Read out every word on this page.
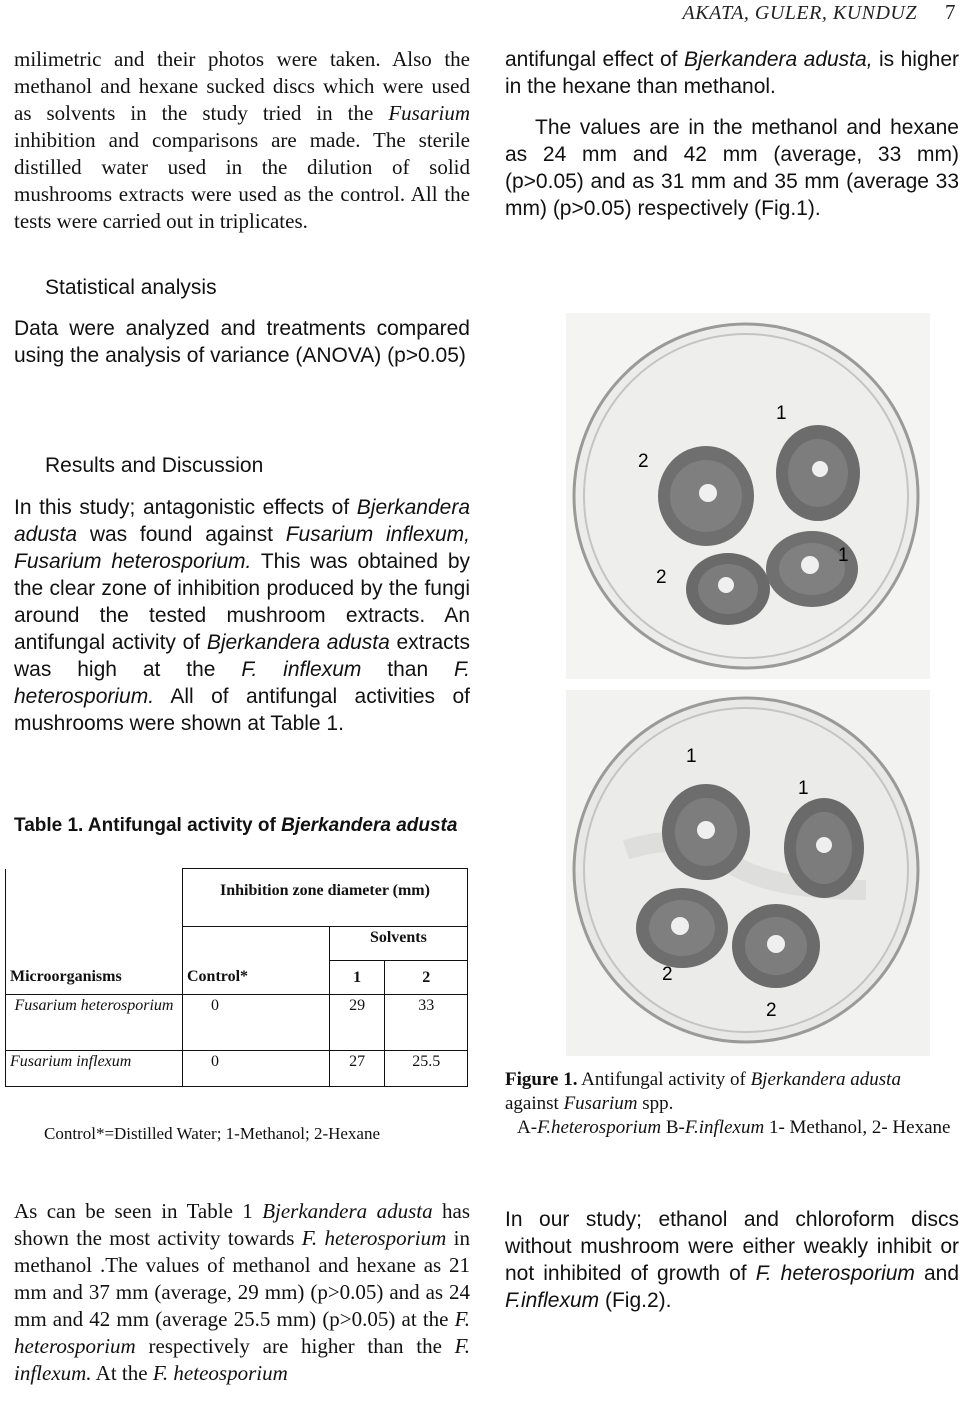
AKATA, GULER, KUNDUZ 7

milimetric and their photos were taken. Also the methanol and hexane sucked discs which were used as solvents in the study tried in the Fusarium inhibition and comparisons are made. The sterile distilled water used in the dilution of solid mushrooms extracts were used as the control. All the tests were carried out in triplicates.

Statistical analysis

Data were analyzed and treatments compared using the analysis of variance (ANOVA) (p>0.05)

Results and Discussion

In this study; antagonistic effects of Bjerkandera adusta was found against Fusarium inflexum, Fusarium heterosporium. This was obtained by the clear zone of inhibition produced by the fungi around the tested mushroom extracts. An antifungal activity of Bjerkandera adusta extracts was high at the F. inflexum than F. heterosporium. All of antifungal activities of mushrooms were shown at Table 1.

Table 1. Antifungal activity of Bjerkandera adusta
	Inhibition zone diameter (mm)		
		Solvents	
Microorganisms	Control*	1	2
Fusarium heterosporium	0	29	33
Fusarium inflexum	0	27	25.5
Control*=Distilled Water; 1-Methanol; 2-Hexane

As can be seen in Table 1 Bjerkandera adusta has shown the most activity towards F. heterosporium in methanol .The values of methanol and hexane as 21 mm and 37 mm (average, 29 mm) (p>0.05) and as 24 mm and 42 mm (average 25.5 mm) (p>0.05) at the F. heterosporium respectively are higher than the F. inflexum. At the F. heteosporium

antifungal effect of Bjerkandera adusta, is higher in the hexane than methanol.

The values are in the methanol and hexane as 24 mm and 42 mm (average, 33 mm) (p>0.05) and as 31 mm and 35 mm (average 33 mm) (p>0.05) respectively (Fig.1).

1
2
2
1
1
1
2
2

Figure 1. Antifungal activity of Bjerkandera adusta against Fusarium spp.

A-F.heterosporium B-F.inflexum 1- Methanol, 2- Hexane

In our study; ethanol and chloroform discs without mushroom were either weakly inhibit or not inhibited of growth of F. heterosporium and F.inflexum (Fig.2).
